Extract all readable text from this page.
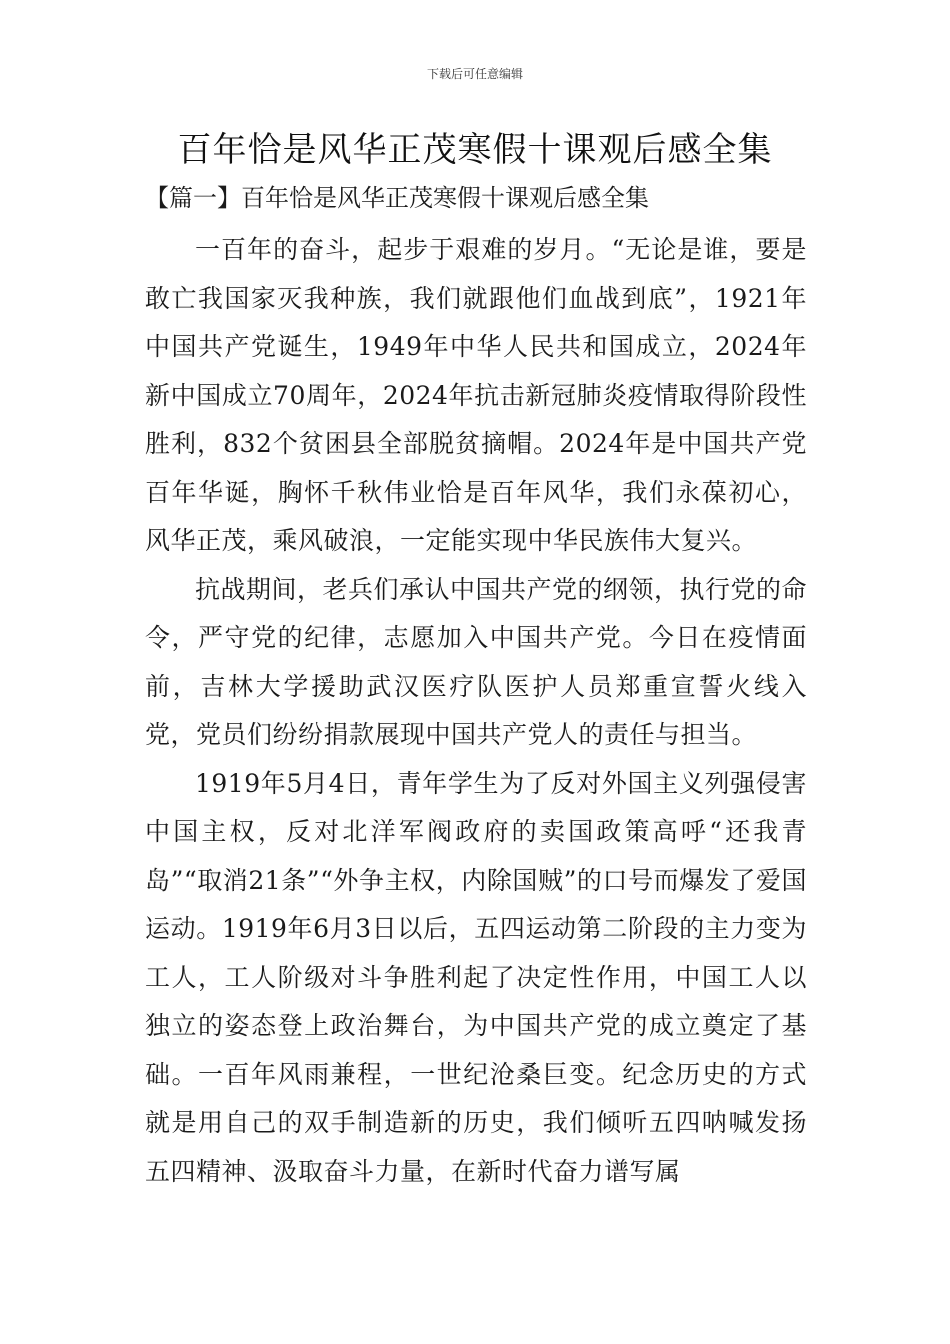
下载后可任意编辑
百年恰是风华正茂寒假十课观后感全集
【篇一】百年恰是风华正茂寒假十课观后感全集

一百年的奋斗，起步于艰难的岁月。“无论是谁，要是敢亡我国家灭我种族，我们就跟他们血战到底”，1921年中国共产党诞生，1949年中华人民共和国成立，2024年新中国成立70周年，2024年抗击新冠肺炎疫情取得阶段性胜利，832个贫困县全部脱贫摘帽。2024年是中国共产党百年华诞，胸怀千秋伟业恰是百年风华，我们永葆初心，风华正茂，乘风破浪，一定能实现中华民族伟大复兴。

抗战期间，老兵们承认中国共产党的纲领，执行党的命令，严守党的纪律，志愿加入中国共产党。今日在疫情面前，吉林大学援助武汉医疗队医护人员郑重宣誓火线入党，党员们纷纷捐款展现中国共产党人的责任与担当。

1919年5月4日，青年学生为了反对外国主义列强侵害中国主权，反对北洋军阀政府的卖国政策高呼“还我青岛”“取消21条”“外争主权，内除国贼”的口号而爆发了爱国运动。1919年6月3日以后，五四运动第二阶段的主力变为工人，工人阶级对斗争胜利起了决定性作用，中国工人以独立的姿态登上政治舞台，为中国共产党的成立奠定了基础。一百年风雨兼程，一世纪沧桑巨变。纪念历史的方式就是用自己的双手制造新的历史，我们倾听五四呐喊发扬五四精神、汲取奋斗力量，在新时代奋力谱写属
